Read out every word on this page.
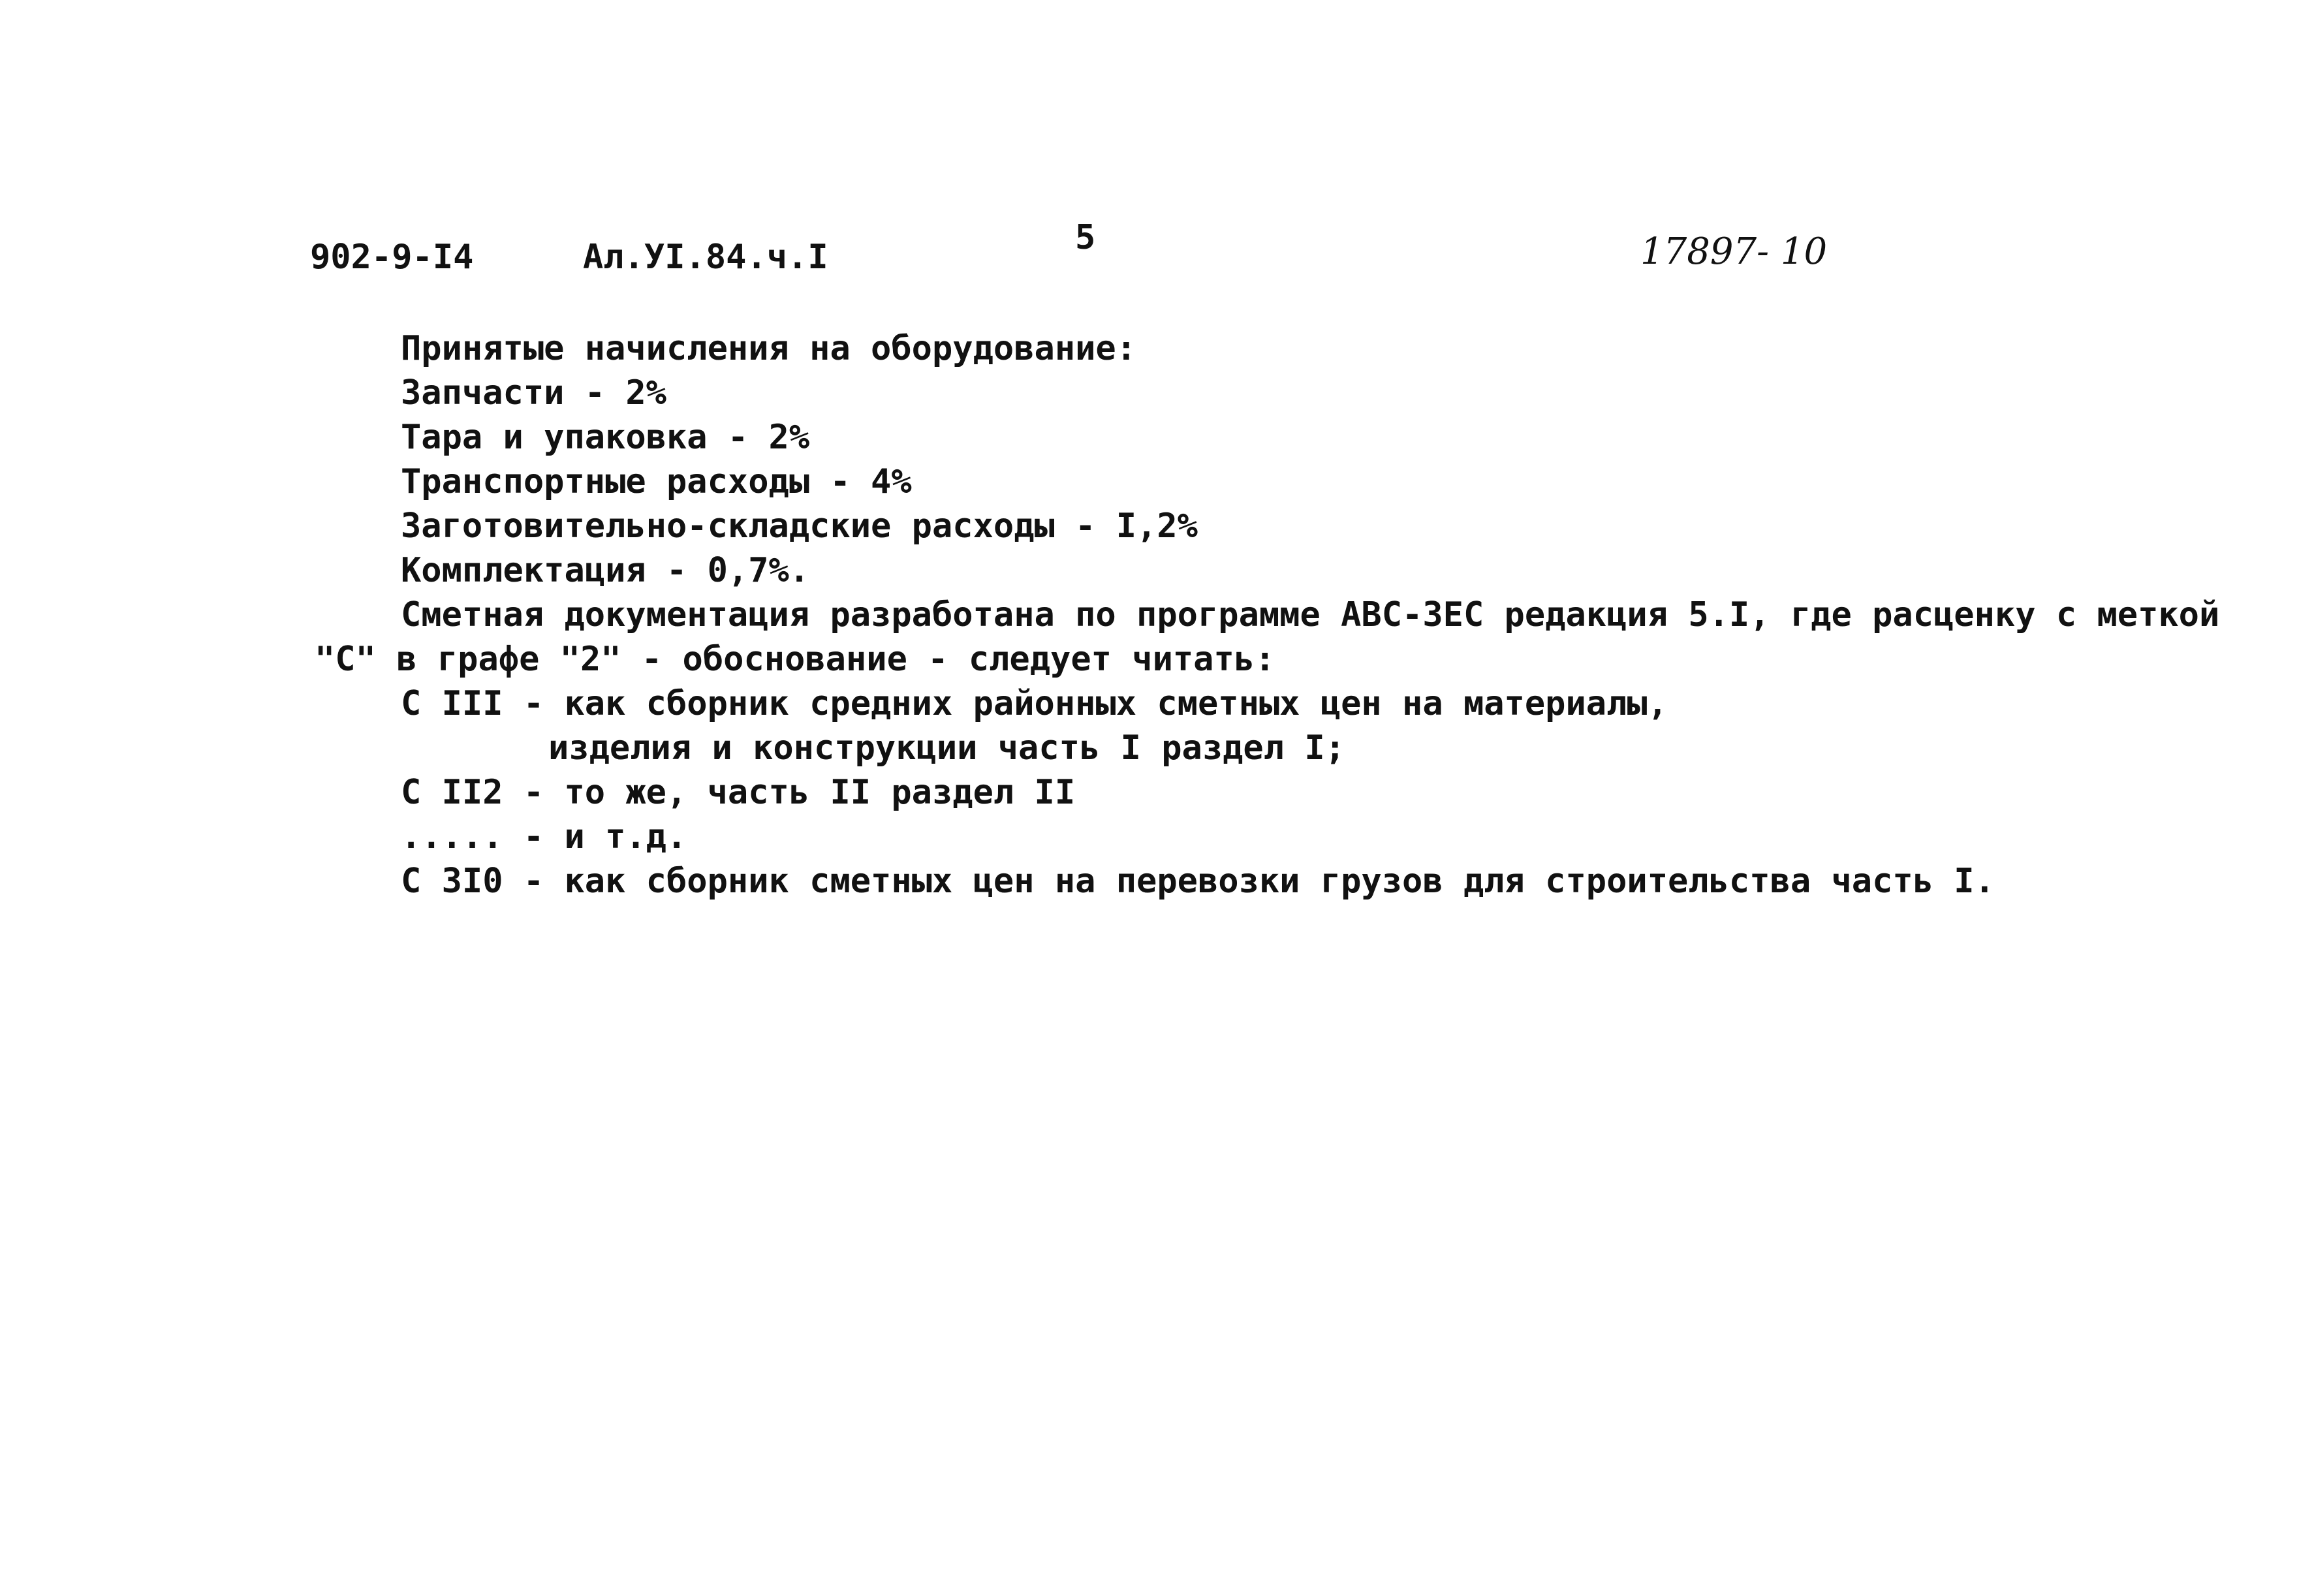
902-9-I4	Ал.УI.84.ч.I	5	17897- 10
Принятые начисления на оборудование:
Запчасти - 2%
Тара и упаковка - 2%
Транспортные расходы - 4%
Заготовительно-складские расходы - I,2%
Комплектация - 0,7%.
Сметная документация разработана по программе АВС-3ЕС редакция 5.I, где расценку с меткой
"С" в графе "2" - обоснование - следует читать:
С III - как сборник средних районных сметных цен на материалы,
изделия и конструкции часть I раздел I;
С II2 - то же, часть II раздел II
..... - и т.д.
С 3I0 - как сборник сметных цен на перевозки грузов для строительства часть I.
